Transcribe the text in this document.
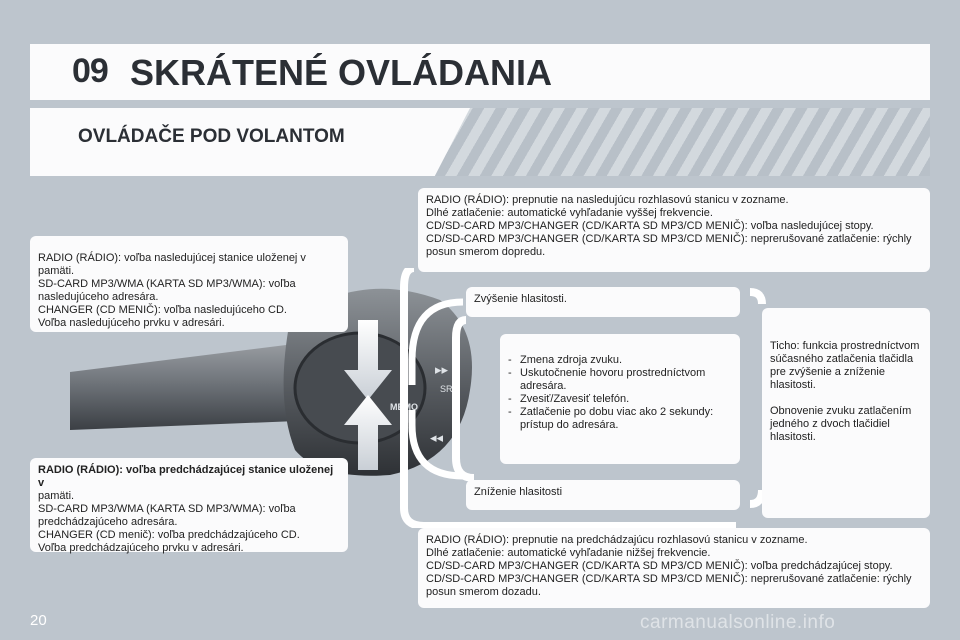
09 SKRÁTENÉ OVLÁDANIA
OVLÁDAČE POD VOLANTOM
MEMO
SRC
▸▸
◂◂

RADIO (RÁDIO): voľba nasledujúcej stanice uloženej v pamäti.

SD-CARD MP3/WMA (KARTA SD MP3/WMA): voľba nasledujúceho adresára.

CHANGER (CD MENIČ): voľba nasledujúceho CD.

Voľba nasledujúceho prvku v adresári.

RADIO (RÁDIO): voľba predchádzajúcej stanice uloženej v

pamäti.

SD-CARD MP3/WMA (KARTA SD MP3/WMA): voľba predchádzajúceho adresára.

CHANGER (CD menič): voľba predchádzajúceho CD.

Voľba predchádzajúceho prvku v adresári.

RADIO (RÁDIO): prepnutie na nasledujúcu rozhlasovú stanicu v zozname.

Dlhé zatlačenie: automatické vyhľadanie vyššej frekvencie.

CD/SD-CARD MP3/CHANGER (CD/KARTA SD MP3/CD MENIČ): voľba nasledujúcej stopy.

CD/SD-CARD MP3/CHANGER (CD/KARTA SD MP3/CD MENIČ): neprerušované zatlačenie: rýchly posun smerom dopredu.

RADIO (RÁDIO): prepnutie na predchádzajúcu rozhlasovú stanicu v zozname.

Dlhé zatlačenie: automatické vyhľadanie nižšej frekvencie.

CD/SD-CARD MP3/CHANGER (CD/KARTA SD MP3/CD MENIČ): voľba predchádzajúcej stopy.

CD/SD-CARD MP3/CHANGER (CD/KARTA SD MP3/CD MENIČ): neprerušované zatlačenie: rýchly posun smerom dozadu.

Zvýšenie hlasitosti.

Zníženie hlasitosti

- Zmena zdroja zvuku.
- Uskutočnenie hovoru prostredníctvom adresára.
- Zvesiť/Zavesiť telefón.
- Zatlačenie po dobu viac ako 2 sekundy: prístup do adresára.

Ticho: funkcia prostredníctvom súčasného zatlačenia tlačidla pre zvýšenie a zníženie hlasitosti.

Obnovenie zvuku zatlačením jedného z dvoch tlačidiel hlasitosti.

20	carmanualsonline.info
